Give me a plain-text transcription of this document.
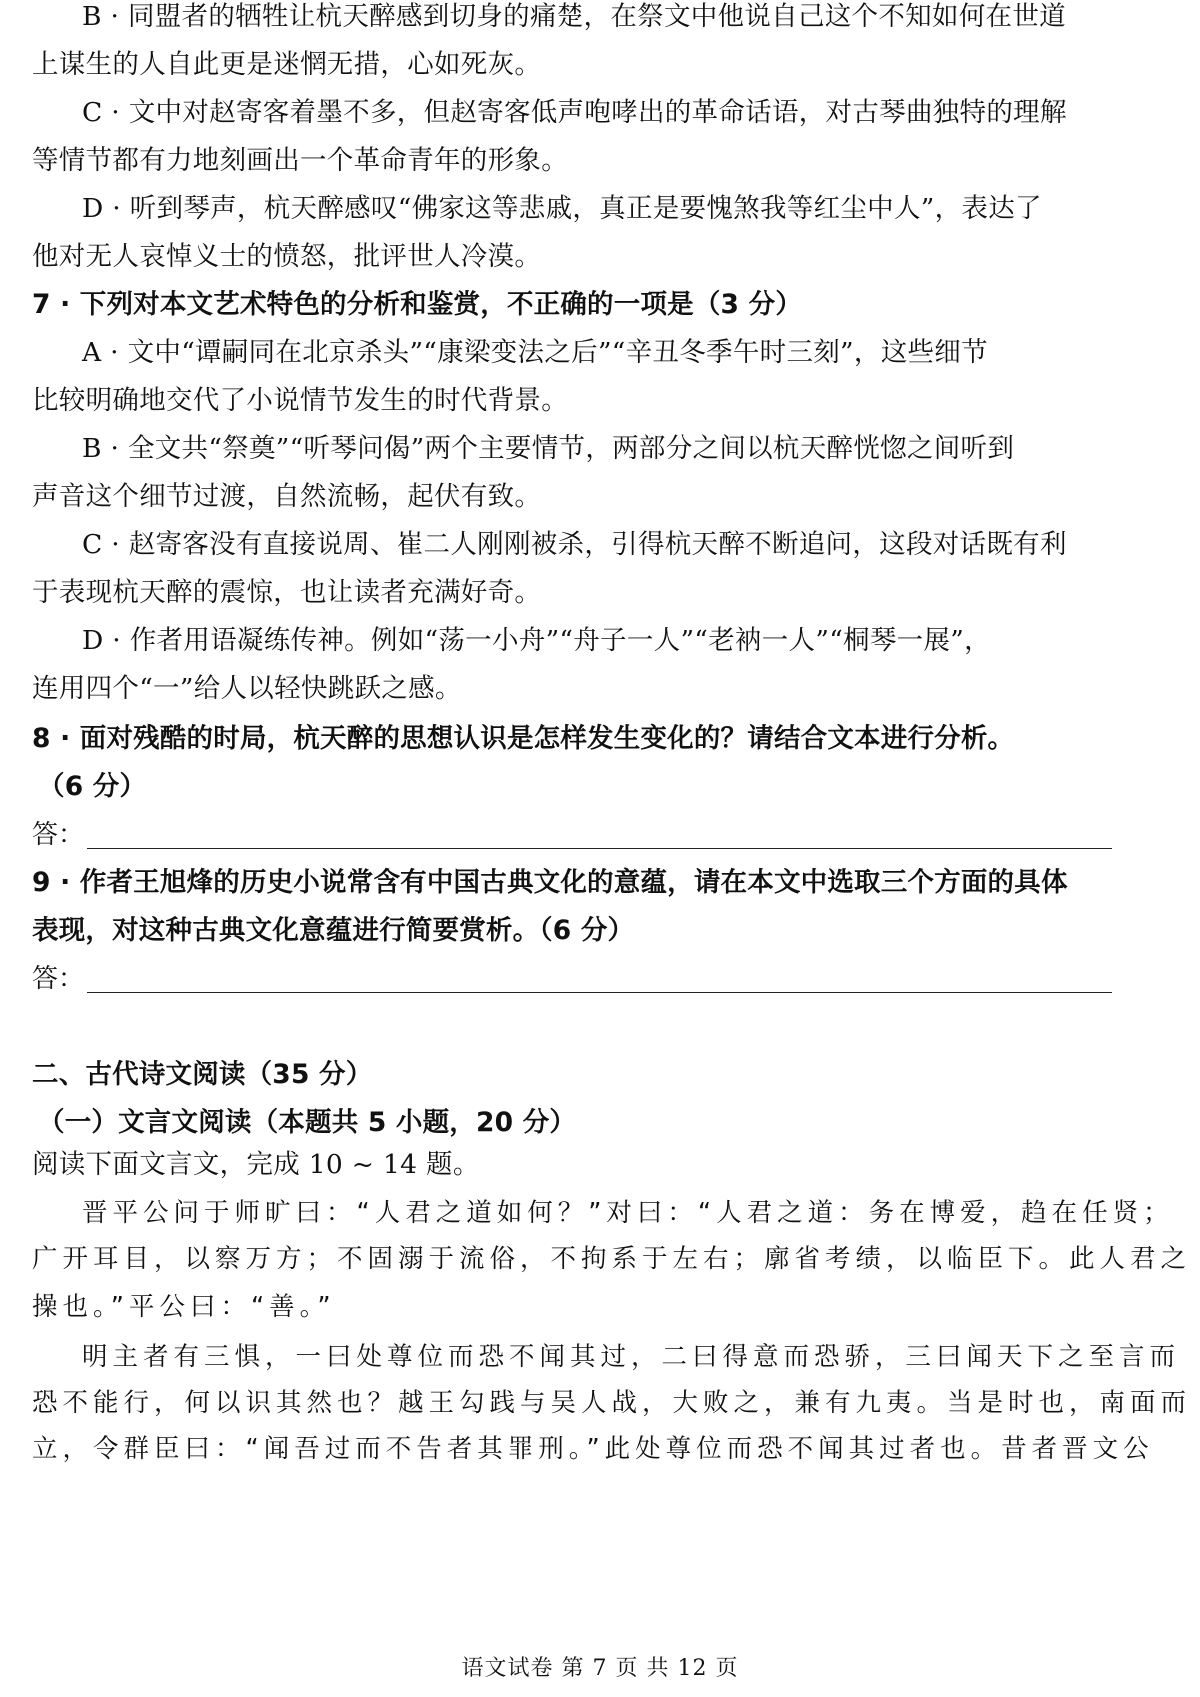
B · 同盟者的牺牲让杭天醉感到切身的痛楚，在祭文中他说自己这个不知如何在世道
上谋生的人自此更是迷惘无措，心如死灰。
C · 文中对赵寄客着墨不多，但赵寄客低声咆哮出的革命话语，对古琴曲独特的理解
等情节都有力地刻画出一个革命青年的形象。
D · 听到琴声，杭天醉感叹“佛家这等悲戚，真正是要愧煞我等红尘中人”，表达了
他对无人哀悼义士的愤怒，批评世人冷漠。
7 · 下列对本文艺术特色的分析和鉴赏，不正确的一项是（3 分）
A · 文中“谭嗣同在北京杀头”“康梁变法之后”“辛丑冬季午时三刻”，这些细节
比较明确地交代了小说情节发生的时代背景。
B · 全文共“祭奠”“听琴问偈”两个主要情节，两部分之间以杭天醉恍惚之间听到
声音这个细节过渡，自然流畅，起伏有致。
C · 赵寄客没有直接说周、崔二人刚刚被杀，引得杭天醉不断追问，这段对话既有利
于表现杭天醉的震惊，也让读者充满好奇。
D · 作者用语凝练传神。例如“荡一小舟”“舟子一人”“老衲一人”“桐琴一展”，
连用四个“一”给人以轻快跳跃之感。
8 · 面对残酷的时局，杭天醉的思想认识是怎样发生变化的？请结合文本进行分析。
（6 分）
答：
9 · 作者王旭烽的历史小说常含有中国古典文化的意蕴，请在本文中选取三个方面的具体
表现，对这种古典文化意蕴进行简要赏析。（6 分）
答：
二、古代诗文阅读（35 分）
（一）文言文阅读（本题共 5 小题，20 分）
阅读下面文言文，完成 10 ~ 14 题。
晋平公问于师旷曰：“人君之道如何？”对曰：“人君之道：务在博爱，趋在任贤；
广开耳目，以察万方；不固溺于流俗，不拘系于左右；廓省考绩，以临臣下。此人君之
操也。”平公曰：“善。”
明主者有三惧，一曰处尊位而恐不闻其过，二曰得意而恐骄，三曰闻天下之至言而
恐不能行，何以识其然也？越王勾践与吴人战，大败之，兼有九夷。当是时也，南面而
立，令群臣曰：“闻吾过而不告者其罪刑。”此处尊位而恐不闻其过者也。昔者晋文公
语文试卷 第 7 页 共 12 页
